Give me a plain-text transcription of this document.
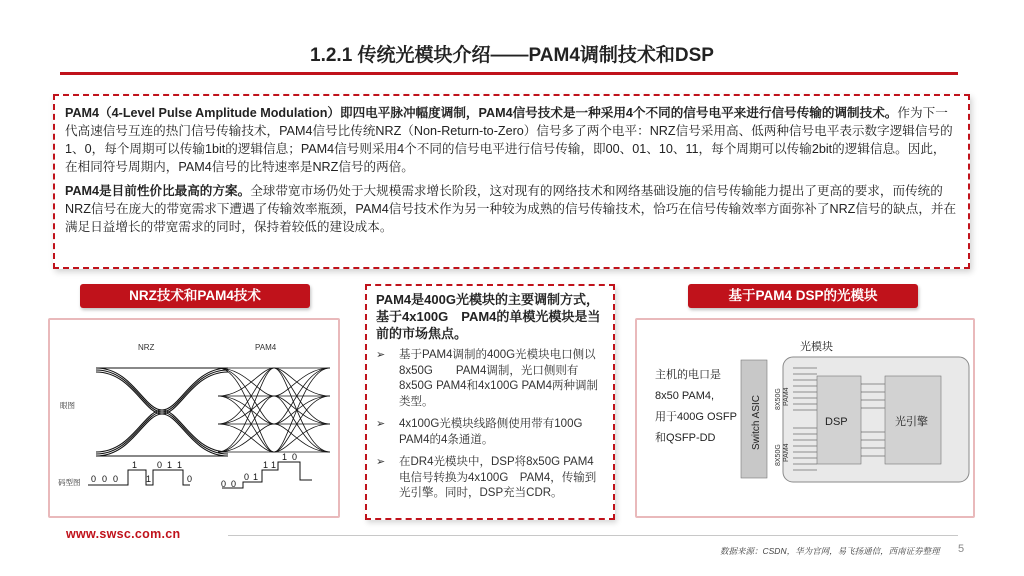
1.2.1 传统光模块介绍——PAM4调制技术和DSP

PAM4（4-Level Pulse Amplitude Modulation）即四电平脉冲幅度调制，PAM4信号技术是一种采用4个不同的信号电平来进行信号传输的调制技术。作为下一代高速信号互连的热门信号传输技术，PAM4信号比传统NRZ（Non-Return-to-Zero）信号多了两个电平：NRZ信号采用高、低两种信号电平表示数字逻辑信号的1、0，每个周期可以传输1bit的逻辑信息；PAM4信号则采用4个不同的信号电平进行信号传输，即00、01、10、11，每个周期可以传输2bit的逻辑信息。因此，在相同符号周期内，PAM4信号的比特速率是NRZ信号的两倍。

PAM4是目前性价比最高的方案。全球带宽市场仍处于大规模需求增长阶段，这对现有的网络技术和网络基础设施的信号传输能力提出了更高的要求，而传统的NRZ信号在庞大的带宽需求下遭遇了传输效率瓶颈，PAM4信号技术作为另一种较为成熟的信号传输技术，恰巧在信号传输效率方面弥补了NRZ信号的缺点，并在满足日益增长的带宽需求的同时，保持着较低的建设成本。

NRZ技术和PAM4技术
NRZ	PAM4
眼图
码型图 0 0 0
1
1
0 1 1
0	0 0
0 1
1 1
1 0
PAM4是400G光模块的主要调制方式，基于4x100G　PAM4的单模光模块是当前的市场焦点。
➢ 基于PAM4调制的400G光模块电口侧以8x50G　　PAM4调制，光口侧则有8x50G PAM4和4x100G PAM4两种调制类型。
➢ 4x100G光模块线路侧使用带有100G PAM4的4条通道。
➢ 在DR4光模块中，DSP将8x50G PAM4电信号转换为4x100G　PAM4，传输到光引擎。同时，DSP充当CDR。
基于PAM4 DSP的光模块
光模块
主机的电口是
8x50 PAM4,
用于400G OSFP
和QSFP-DD	Switch ASIC 8X50G PAM4
8X50G PAM4
DSP	光引擎
www.swsc.com.cn
数据来源：CSDN，华为官网，易飞扬通信，西南证券整理 5
